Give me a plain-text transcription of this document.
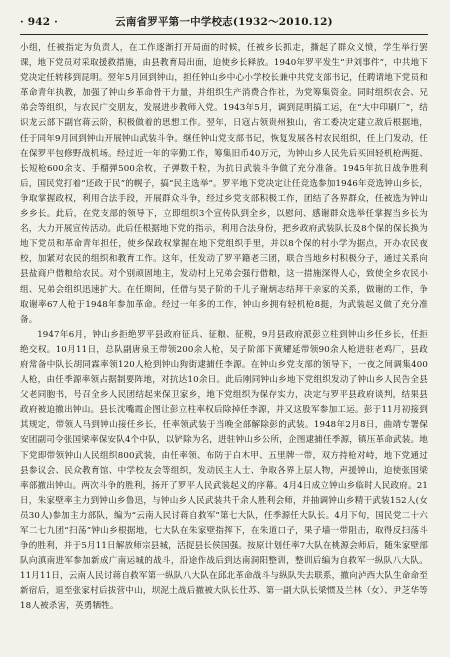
· 942 ·	云南省罗平第一中学校志(1932～2010.12)

小组，任被指定为负责人，在工作逐渐打开局面的时候，任被乡长抓走，撕起了群众义愤，学生举行罢课，地下党员对采取援救措施，由县教育局出面，迫使乡长释放。1940年罗平发生“尹刘事件”，中共地下党决定任转移到昆明。翌年5月回到钟山，担任钟山乡中心小学校长兼中共党支部书记，任聘请地下党员和革命青年执教，加强了钟山乡革命骨干力量，并组织生产消费合作社，为党筹集资金。同时组织农会、兄弟会等组织，与农民广交朋友，发展进步教师入党。1943年5月，调到昆明搞工运，在“大中印刷厂”，结识龙云部下副官蒋云阶，积极做着的思想工作。翌年，日寇占领贵州独山，省工委决定建立敌后根据地，任于同年9月回到钟山开展钟山武装斗争。继任钟山党支部书记，恢复发展各村农民组织，任上门发动，任在保罗平包修野战机场。经过近一年的宰勤工作，筹集旧币40万元，为钟山乡人民先后买回轻机枪两挺、长短枪600余支、手榴弹500余枚，子弹数千粒，为抗日武装斗争做了充分准备。1945年抗日战争胜利后，国民党打着“还政于民”的幌子，搞“民主选举”。罗平地下党决定让任竞选参加1946年竞选钟山乡长，争取掌握政权，利用合法手段，开展群众斗争，经过乡党支部积极工作，团结了各界群众，任被选为钟山乡乡长。此后，在党支部的领导下，立即组织3个宣传队到全乡，以慰问、感谢群众选举任掌握当乡长为名，大力开展宣传活动。此后任根据地下党的指示，利用合法身份，把乡政府武装队长及8个保的保长换为地下党员和革命青年担任，使乡保政权掌握在地下党组织手里，并以8个保的村小学为据点，开办农民夜校，加紧对农民的组织和教育工作。这年，任发动了罗平籍老三团，联合当地乡村积极分子，通过关系向县盐商户借粮给农民。对个别顽固地主，发动村上兄弟会强行借粮，这一措施深得人心，致使全乡农民小组、兄弟会组织迅速扩大。在任期间，任借与昊子阶的千儿子谢炳志结拜干亲家的关系，做谢的工作，争取谢率67人枪于1948年参加革命。经过一年多的工作，钟山乡拥有轻机枪8挺，为武装起义做了充分准备。

1947年6月，钟山乡拒绝罗平县政府征兵、征粮、征税，9月县政府派彭立柱到钟山乡任乡长，任拒绝交权。10月11日，总队副唐泉王带领200余人枪，吴子阶部下黄耀延带领90余人枪进驻老鸡厂，县政府常备中队长胡同霖率领120人枪到钟山狗街逮捕任李源。在钟山乡党支部的领导下，一夜之间调集400人枪，由任季源率领占据制要阵地，对抗达10余日。此后刚同钟山乡地下党组织发动了钟山乡人民告全县父老同胞书，号召全乡人民团结起来保卫家乡，地下党组织为保存实力，决定与罗平县政府谈判，结果县政府被迫撤出钟山。县长沈嘴霞企图让彭立柱率权后除掉任李源，并又这股军参加工运。彭于11月初接到其规定，带领人马到钟山接任乡长，任率领武装于当晚全部解除彭的武装。1948年2月8日，曲靖专署保安团副司令张国梁率保安队4个中队，以铲除为名，进驻钟山乡公所，企图逮捕任季源，镇压革命武装。地下党即带领钟山人民组织800武装，由任率领、布防于白木甲、五里牌一带，双方持枪对峙，地下党通过县参议会、民众教育馆、中学校友会等组织，发动民主人士、争取各界上层人物，声援钟山，迫使张国梁率部撤出钟山。两次斗争的胜利，扬开了罗平人民武装起义的序幕。4月4日成立钟山乡临时人民政府。21日，朱家壁率主力到钟山乡鲁迅，与钟山乡人民武装共千余人胜利会师，并抽调钟山乡精干武装152人(女员30人)参加主力部队，编为“云南人民讨蒋自救军”第七大队，任季源任大队长。4月下旬，国民党二十六军二七九团“扫荡”钟山乡根据地，七大队在朱家壁指挥下，在朱道口子，果子墙一带阻击，取得反扫荡斗争的胜利，并于5月11日解放师宗县城，活捉县长侯国强。按原计划任率7大队在桃源会师后，随朱家壁部队向滇南进军参加新成广南运城的战斗，沿途作战后到达南洞阳整训，整训后编为自救军一纵队八大队。11月11日，云南人民讨蒋自救军第一纵队八大队在邱北革命战斗与纵队失去联系，撤向泸西大队生命命至新宿后，退至张家村后拔营中山，坝泥土战后撤被大队长仕苏、第一副大队长梁惯及兰林（女）、尹芝华等18人被杀害，英勇牺牲。
